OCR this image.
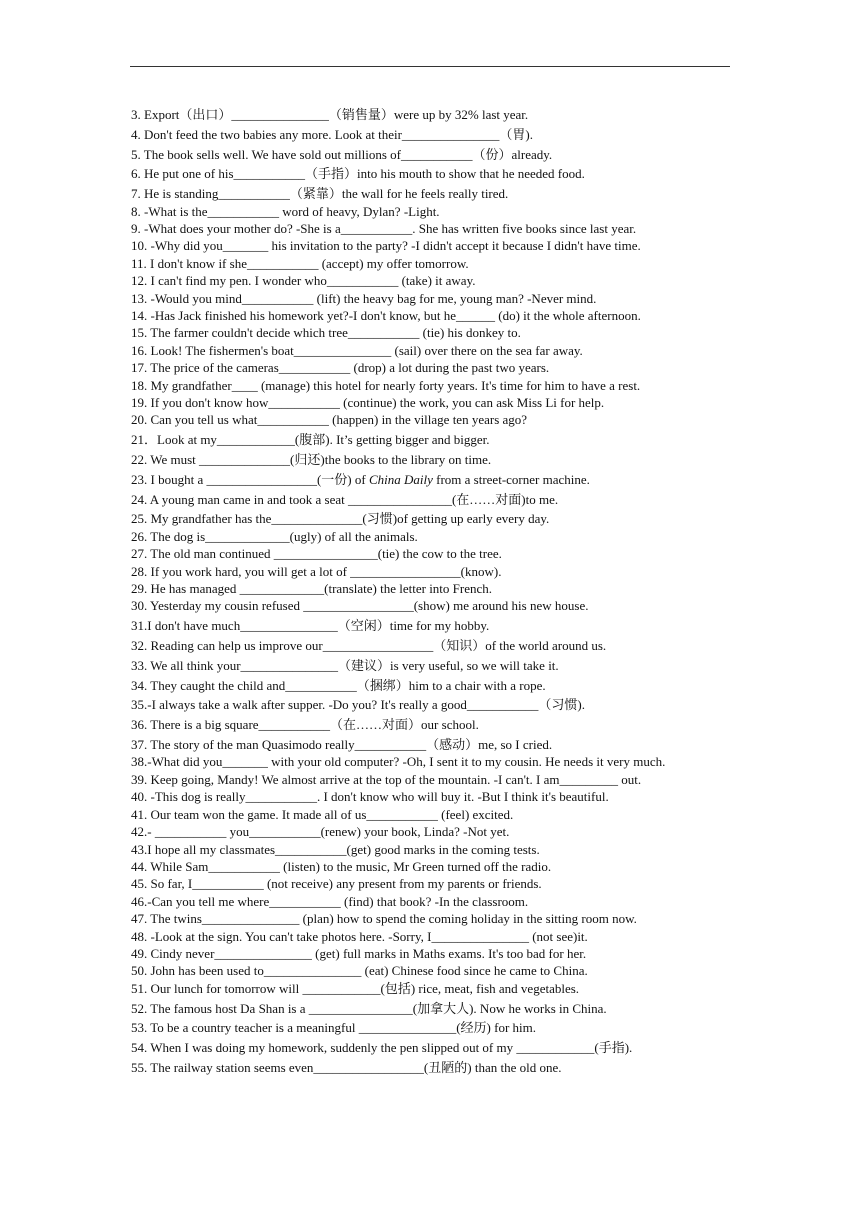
3. Export（出口）_______________（销售量）were up by 32% last year.
4. Don't feed the two babies any more. Look at their_______________（胃).
5. The book sells well. We have sold out millions of___________（份）already.
6. He put one of his___________（手指）into his mouth to show that he needed food.
7. He is standing___________（紧靠）the wall for he feels really tired.
8. -What is the___________ word of heavy, Dylan? -Light.
9. -What does your mother do? -She is a___________. She has written five books since last year.
10. -Why did you_______ his invitation to the party? -I didn't accept it because I didn't have time.
11. I don't know if she___________ (accept) my offer tomorrow.
12. I can't find my pen. I wonder who___________ (take) it away.
13. -Would you mind___________ (lift) the heavy bag for me, young man? -Never mind.
14. -Has Jack finished his homework yet?-I don't know, but he______ (do) it the whole afternoon.
15. The farmer couldn't decide which tree___________ (tie) his donkey to.
16. Look! The fishermen's boat_______________ (sail) over there on the sea far away.
17. The price of the cameras___________ (drop) a lot during the past two years.
18. My grandfather____ (manage) this hotel for nearly forty years. It's time for him to have a rest.
19. If you don't know how___________ (continue) the work, you can ask Miss Li for help.
20. Can you tell us what___________ (happen) in the village ten years ago?
21．Look at my____________(腹部). It’s getting bigger and bigger.
22. We must ______________(归还)the books to the library on time.
23. I bought a _________________(一份) of China Daily from a street-corner machine.
24. A young man came in and took a seat ________________(在……对面)to me.
25. My grandfather has the______________(习惯)of getting up early every day.
26. The dog is_____________(ugly) of all the animals.
27. The old man continued ________________(tie) the cow to the tree.
28. If you work hard, you will get a lot of _________________(know).
29. He has managed _____________(translate) the letter into French.
30. Yesterday my cousin refused _________________(show) me around his new house.
31.I don't have much_______________（空闲）time for my hobby.
32. Reading can help us improve our_________________（知识）of the world around us.
33. We all think your_______________（建议）is very useful, so we will take it.
34. They caught the child and___________（捆绑）him to a chair with a rope.
35.-I always take a walk after supper. -Do you? It's really a good___________（习惯).
36. There is a big square___________（在……对面）our school.
37. The story of the man Quasimodo really___________（感动）me, so I cried.
38.-What did you_______ with your old computer? -Oh, I sent it to my cousin. He needs it very much.
39. Keep going, Mandy! We almost arrive at the top of the mountain. -I can't. I am_________ out.
40. -This dog is really___________. I don't know who will buy it. -But I think it's beautiful.
41. Our team won the game. It made all of us___________ (feel) excited.
42.- ___________ you___________(renew) your book, Linda? -Not yet.
43.I hope all my classmates___________(get) good marks in the coming tests.
44. While Sam___________ (listen) to the music, Mr Green turned off the radio.
45. So far, I___________ (not receive) any present from my parents or friends.
46.-Can you tell me where___________ (find) that book? -In the classroom.
47. The twins_______________ (plan) how to spend the coming holiday in the sitting room now.
48. -Look at the sign. You can't take photos here. -Sorry, I_______________ (not see)it.
49. Cindy never_______________ (get) full marks in Maths exams. It's too bad for her.
50. John has been used to_______________ (eat) Chinese food since he came to China.
51. Our lunch for tomorrow will ____________(包括) rice, meat, fish and vegetables.
52. The famous host Da Shan is a ________________(加拿大人). Now he works in China.
53. To be a country teacher is a meaningful _______________(经历) for him.
54. When I was doing my homework, suddenly the pen slipped out of my ____________(手指).
55. The railway station seems even_________________(丑陋的) than the old one.
